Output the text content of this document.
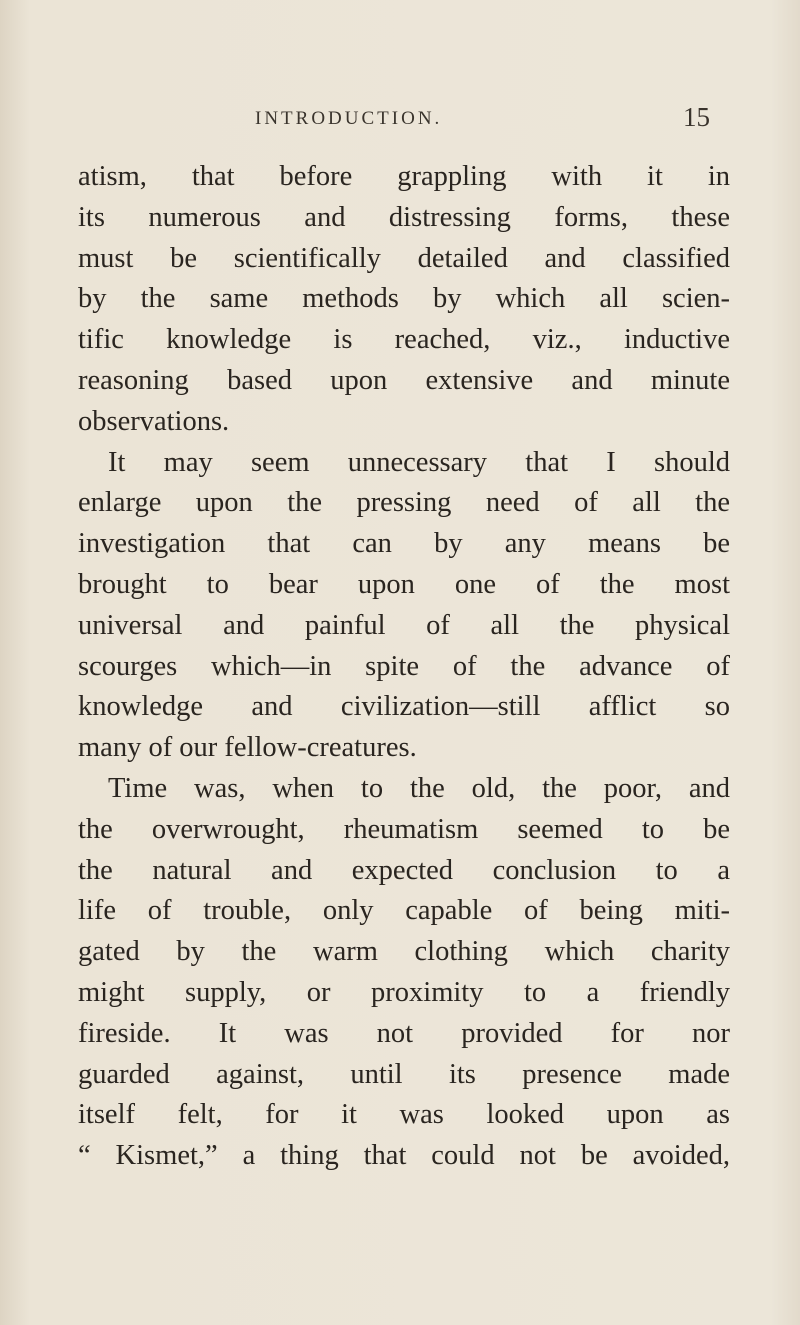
INTRODUCTION.	15
atism, that before grappling with it in
its numerous and distressing forms, these
must be scientifically detailed and classified
by the same methods by which all scien-
tific knowledge is reached, viz., inductive
reasoning based upon extensive and minute
observations.
It may seem unnecessary that I should
enlarge upon the pressing need of all the
investigation that can by any means be
brought to bear upon one of the most
universal and painful of all the physical
scourges which—in spite of the advance of
knowledge and civilization—still afflict so
many of our fellow-creatures.
Time was, when to the old, the poor, and
the overwrought, rheumatism seemed to be
the natural and expected conclusion to a
life of trouble, only capable of being miti-
gated by the warm clothing which charity
might supply, or proximity to a friendly
fireside. It was not provided for nor
guarded against, until its presence made
itself felt, for it was looked upon as
“ Kismet,” a thing that could not be avoided,
